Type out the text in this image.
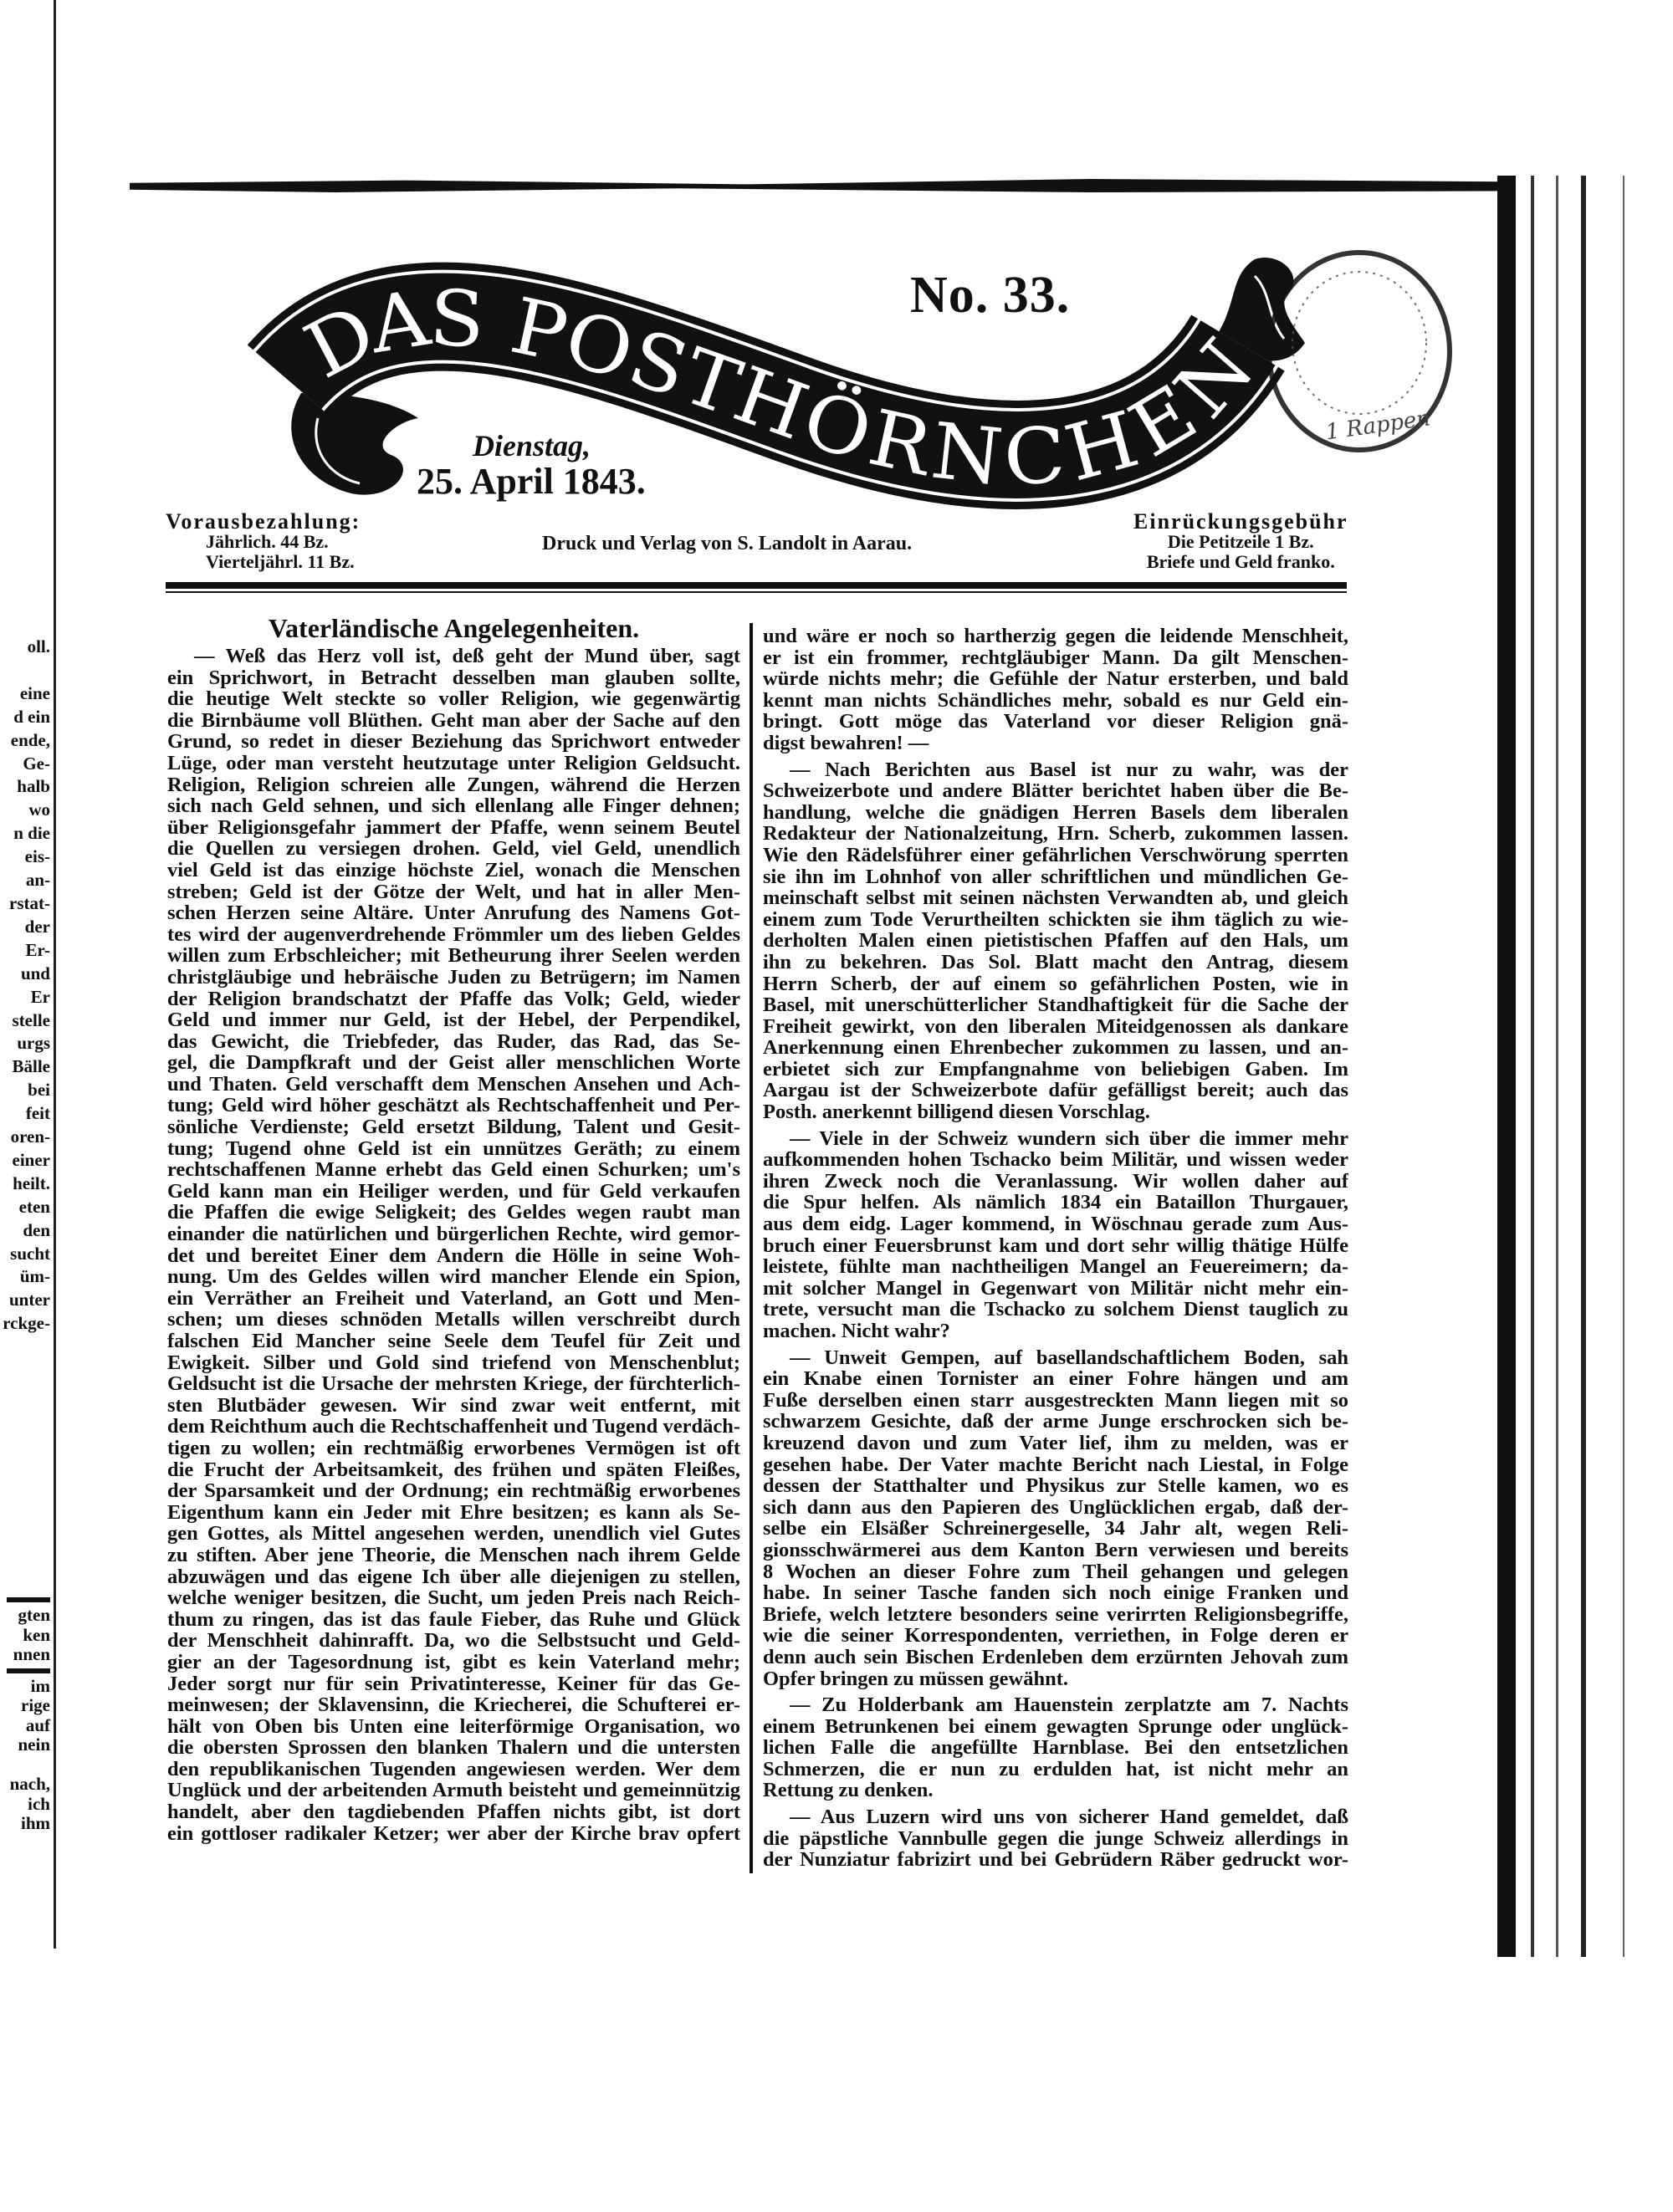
oll.

eine
d ein
ende,
Ge-
halb
wo
n die
eis-
an-
rstat-
der
Er-
und
Er
stelle
urgs
Bälle
bei
feit
oren-
einer
heilt.
eten
den
sucht
üm-
unter
rckge-
gten
ken
nnen
im
rige
auf
nein

nach,
ich
ihm
DAS POSTHÖRNCHEN 1 Rappen
No. 33.
Dienstag,
25. April 1843.
Vorausbezahlung:
Jährlich. 44 Bz.
Vierteljährl. 11 Bz.
Druck und Verlag von S. Landolt in Aarau.
Einrückungsgebühr
Die Petitzeile 1 Bz.
Briefe und Geld franko.
Vaterländische Angelegenheiten.
— Weß das Herz voll ist, deß geht der Mund über, sagt
ein Sprichwort, in Betracht desselben man glauben sollte,
die heutige Welt steckte so voller Religion, wie gegenwärtig
die Birnbäume voll Blüthen. Geht man aber der Sache auf den
Grund, so redet in dieser Beziehung das Sprichwort entweder
Lüge, oder man versteht heutzutage unter Religion Geldsucht.
Religion, Religion schreien alle Zungen, während die Herzen
sich nach Geld sehnen, und sich ellenlang alle Finger dehnen;
über Religionsgefahr jammert der Pfaffe, wenn seinem Beutel
die Quellen zu versiegen drohen. Geld, viel Geld, unendlich
viel Geld ist das einzige höchste Ziel, wonach die Menschen
streben; Geld ist der Götze der Welt, und hat in aller Men-
schen Herzen seine Altäre. Unter Anrufung des Namens Got-
tes wird der augenverdrehende Frömmler um des lieben Geldes
willen zum Erbschleicher; mit Betheurung ihrer Seelen werden
christgläubige und hebräische Juden zu Betrügern; im Namen
der Religion brandschatzt der Pfaffe das Volk; Geld, wieder
Geld und immer nur Geld, ist der Hebel, der Perpendikel,
das Gewicht, die Triebfeder, das Ruder, das Rad, das Se-
gel, die Dampfkraft und der Geist aller menschlichen Worte
und Thaten. Geld verschafft dem Menschen Ansehen und Ach-
tung; Geld wird höher geschätzt als Rechtschaffenheit und Per-
sönliche Verdienste; Geld ersetzt Bildung, Talent und Gesit-
tung; Tugend ohne Geld ist ein unnützes Geräth; zu einem
rechtschaffenen Manne erhebt das Geld einen Schurken; um's
Geld kann man ein Heiliger werden, und für Geld verkaufen
die Pfaffen die ewige Seligkeit; des Geldes wegen raubt man
einander die natürlichen und bürgerlichen Rechte, wird gemor-
det und bereitet Einer dem Andern die Hölle in seine Woh-
nung. Um des Geldes willen wird mancher Elende ein Spion,
ein Verräther an Freiheit und Vaterland, an Gott und Men-
schen; um dieses schnöden Metalls willen verschreibt durch
falschen Eid Mancher seine Seele dem Teufel für Zeit und
Ewigkeit. Silber und Gold sind triefend von Menschenblut;
Geldsucht ist die Ursache der mehrsten Kriege, der fürchterlich-
sten Blutbäder gewesen. Wir sind zwar weit entfernt, mit
dem Reichthum auch die Rechtschaffenheit und Tugend verdäch-
tigen zu wollen; ein rechtmäßig erworbenes Vermögen ist oft
die Frucht der Arbeitsamkeit, des frühen und späten Fleißes,
der Sparsamkeit und der Ordnung; ein rechtmäßig erworbenes
Eigenthum kann ein Jeder mit Ehre besitzen; es kann als Se-
gen Gottes, als Mittel angesehen werden, unendlich viel Gutes
zu stiften. Aber jene Theorie, die Menschen nach ihrem Gelde
abzuwägen und das eigene Ich über alle diejenigen zu stellen,
welche weniger besitzen, die Sucht, um jeden Preis nach Reich-
thum zu ringen, das ist das faule Fieber, das Ruhe und Glück
der Menschheit dahinrafft. Da, wo die Selbstsucht und Geld-
gier an der Tagesordnung ist, gibt es kein Vaterland mehr;
Jeder sorgt nur für sein Privatinteresse, Keiner für das Ge-
meinwesen; der Sklavensinn, die Kriecherei, die Schufterei er-
hält von Oben bis Unten eine leiterförmige Organisation, wo
die obersten Sprossen den blanken Thalern und die untersten
den republikanischen Tugenden angewiesen werden. Wer dem
Unglück und der arbeitenden Armuth beisteht und gemeinnützig
handelt, aber den tagdiebenden Pfaffen nichts gibt, ist dort
ein gottloser radikaler Ketzer; wer aber der Kirche brav opfert
und wäre er noch so hartherzig gegen die leidende Menschheit,
er ist ein frommer, rechtgläubiger Mann. Da gilt Menschen-
würde nichts mehr; die Gefühle der Natur ersterben, und bald
kennt man nichts Schändliches mehr, sobald es nur Geld ein-
bringt. Gott möge das Vaterland vor dieser Religion gnä-
digst bewahren! —
— Nach Berichten aus Basel ist nur zu wahr, was der
Schweizerbote und andere Blätter berichtet haben über die Be-
handlung, welche die gnädigen Herren Basels dem liberalen
Redakteur der Nationalzeitung, Hrn. Scherb, zukommen lassen.
Wie den Rädelsführer einer gefährlichen Verschwörung sperrten
sie ihn im Lohnhof von aller schriftlichen und mündlichen Ge-
meinschaft selbst mit seinen nächsten Verwandten ab, und gleich
einem zum Tode Verurtheilten schickten sie ihm täglich zu wie-
derholten Malen einen pietistischen Pfaffen auf den Hals, um
ihn zu bekehren. Das Sol. Blatt macht den Antrag, diesem
Herrn Scherb, der auf einem so gefährlichen Posten, wie in
Basel, mit unerschütterlicher Standhaftigkeit für die Sache der
Freiheit gewirkt, von den liberalen Miteidgenossen als dankare
Anerkennung einen Ehrenbecher zukommen zu lassen, und an-
erbietet sich zur Empfangnahme von beliebigen Gaben. Im
Aargau ist der Schweizerbote dafür gefälligst bereit; auch das
Posth. anerkennt billigend diesen Vorschlag.
— Viele in der Schweiz wundern sich über die immer mehr
aufkommenden hohen Tschacko beim Militär, und wissen weder
ihren Zweck noch die Veranlassung. Wir wollen daher auf
die Spur helfen. Als nämlich 1834 ein Bataillon Thurgauer,
aus dem eidg. Lager kommend, in Wöschnau gerade zum Aus-
bruch einer Feuersbrunst kam und dort sehr willig thätige Hülfe
leistete, fühlte man nachtheiligen Mangel an Feuereimern; da-
mit solcher Mangel in Gegenwart von Militär nicht mehr ein-
trete, versucht man die Tschacko zu solchem Dienst tauglich zu
machen. Nicht wahr?
— Unweit Gempen, auf basellandschaftlichem Boden, sah
ein Knabe einen Tornister an einer Fohre hängen und am
Fuße derselben einen starr ausgestreckten Mann liegen mit so
schwarzem Gesichte, daß der arme Junge erschrocken sich be-
kreuzend davon und zum Vater lief, ihm zu melden, was er
gesehen habe. Der Vater machte Bericht nach Liestal, in Folge
dessen der Statthalter und Physikus zur Stelle kamen, wo es
sich dann aus den Papieren des Unglücklichen ergab, daß der-
selbe ein Elsäßer Schreinergeselle, 34 Jahr alt, wegen Reli-
gionsschwärmerei aus dem Kanton Bern verwiesen und bereits
8 Wochen an dieser Fohre zum Theil gehangen und gelegen
habe. In seiner Tasche fanden sich noch einige Franken und
Briefe, welch letztere besonders seine verirrten Religionsbegriffe,
wie die seiner Korrespondenten, verriethen, in Folge deren er
denn auch sein Bischen Erdenleben dem erzürnten Jehovah zum
Opfer bringen zu müssen gewähnt.
— Zu Holderbank am Hauenstein zerplatzte am 7. Nachts
einem Betrunkenen bei einem gewagten Sprunge oder unglück-
lichen Falle die angefüllte Harnblase. Bei den entsetzlichen
Schmerzen, die er nun zu erdulden hat, ist nicht mehr an
Rettung zu denken.
— Aus Luzern wird uns von sicherer Hand gemeldet, daß
die päpstliche Vannbulle gegen die junge Schweiz allerdings in
der Nunziatur fabrizirt und bei Gebrüdern Räber gedruckt wor-
